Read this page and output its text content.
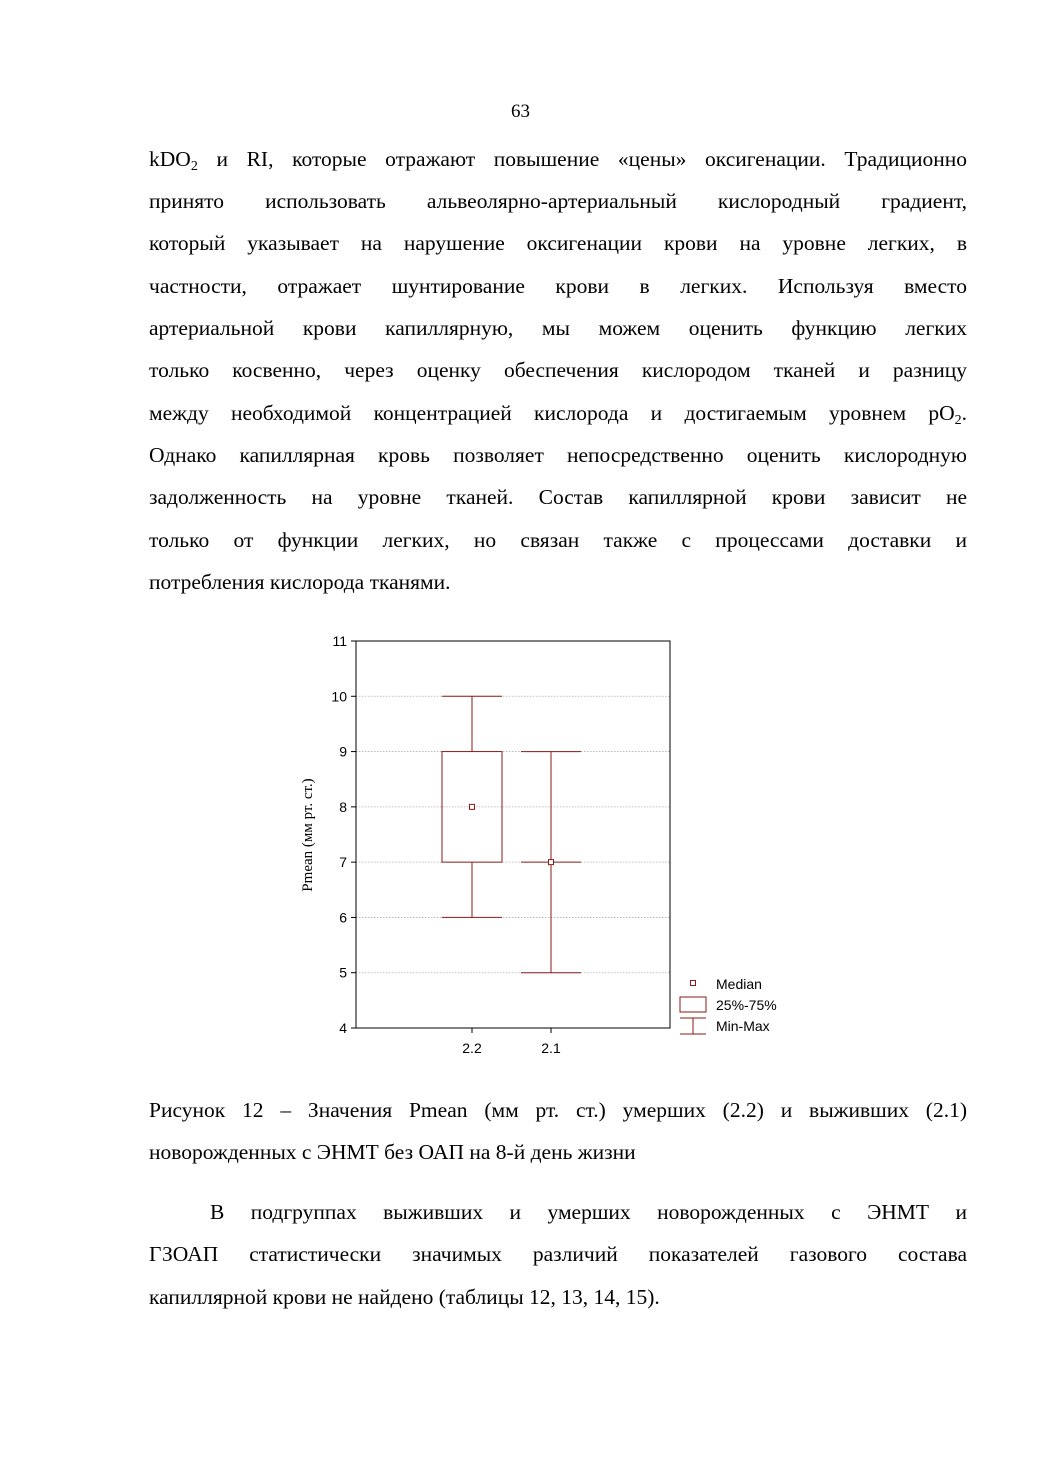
63
kDO$_2$ и RI, которые отражают повышение «цены» оксигенации. Традиционно
принято использовать альвеолярно-артериальный кислородный градиент,
который указывает на нарушение оксигенации крови на уровне легких, в
частности, отражает шунтирование крови в легких. Используя вместо
артериальной крови капиллярную, мы можем оценить функцию легких
только косвенно, через оценку обеспечения кислородом тканей и разницу
между необходимой концентрацией кислорода и достигаемым уровнем $pO_2$.
Однако капиллярная кровь позволяет непосредственно оценить кислородную
задолженность на уровне тканей. Состав капиллярной крови зависит не
только от функции легких, но связан также с процессами доставки и
потребления кислорода тканями.
4
5
6
7
8
9
10
11
2.2	2.1
Pmean (мм рт. ст.)
Median
25%-75%
Min-Max
Рисунок 12 – Значения Pmean (мм рт. ст.) умерших (2.2) и выживших (2.1)
новорожденных с ЭНМТ без ОАП на 8-й день жизни
В подгруппах выживших и умерших новорожденных с ЭНМТ и
ГЗОАП статистически значимых различий показателей газового состава
капиллярной крови не найдено (таблицы 12, 13, 14, 15).
